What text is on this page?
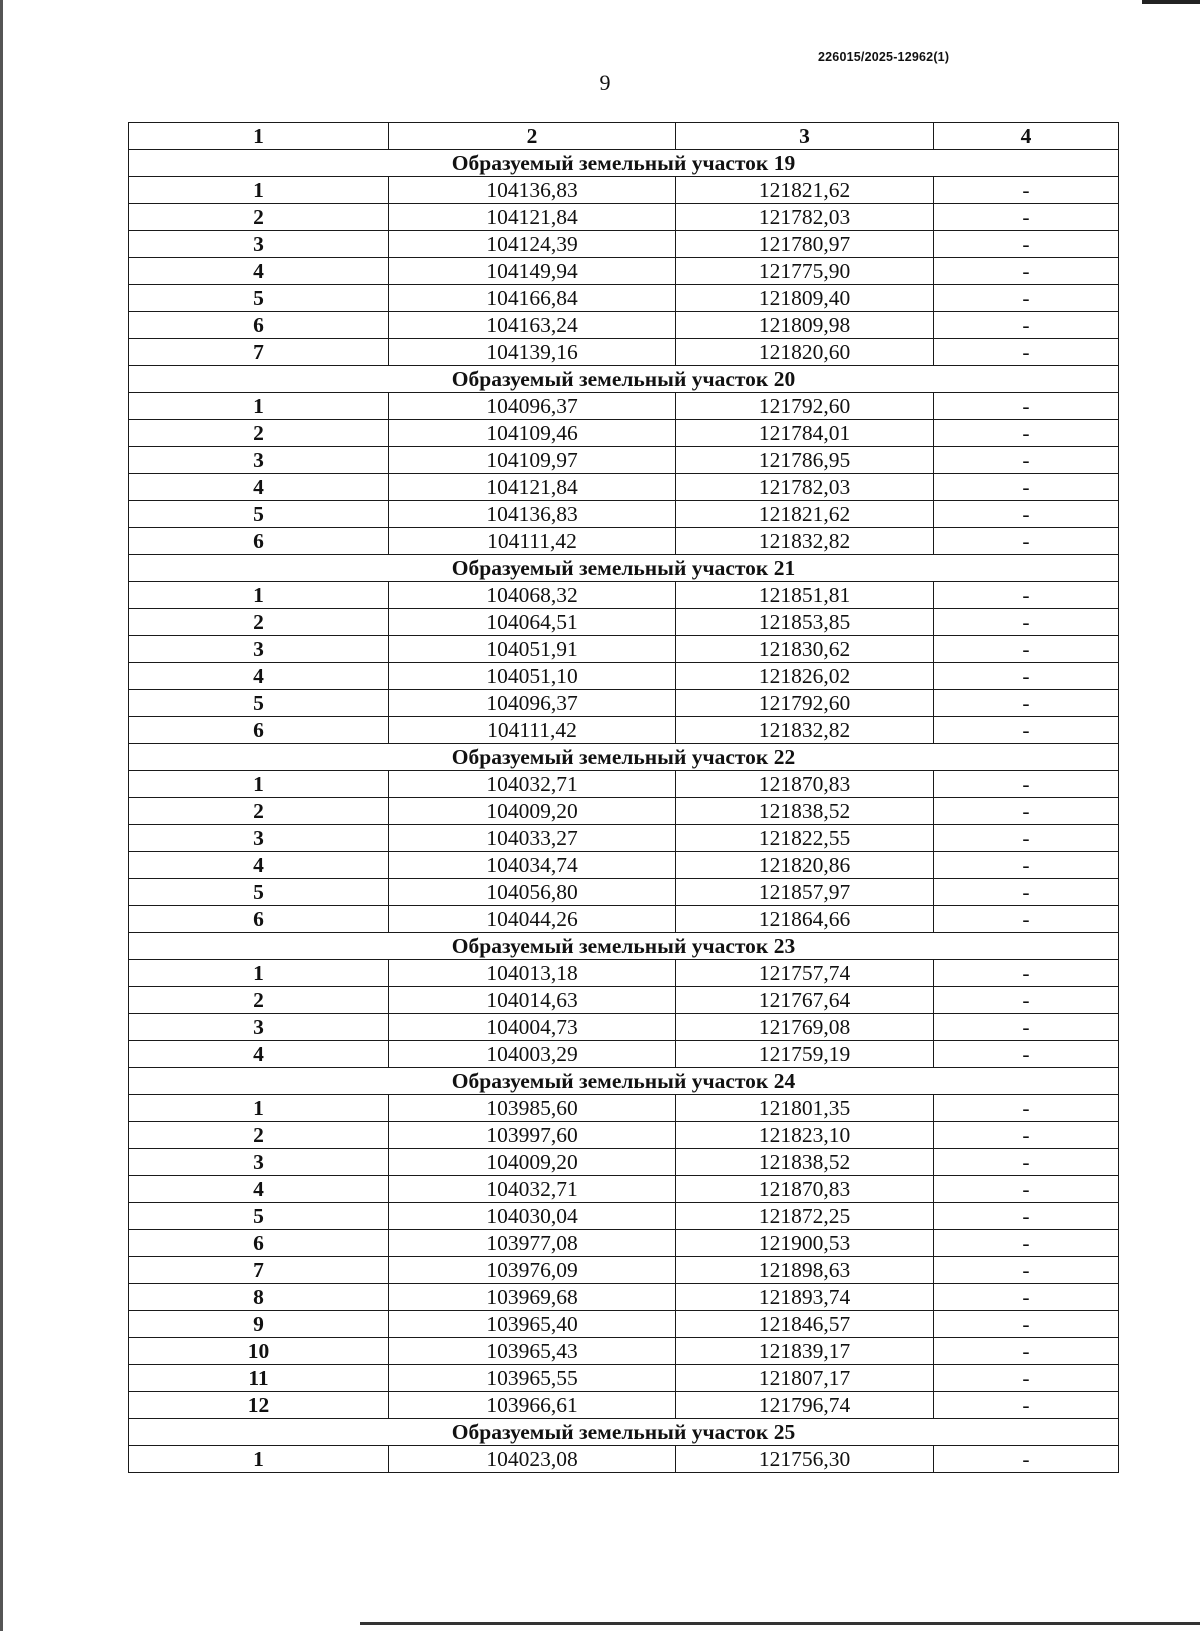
226015/2025-12962(1)
9
1	2	3	4
Образуемый земельный участок 19			
1	104136,83	121821,62	-
2	104121,84	121782,03	-
3	104124,39	121780,97	-
4	104149,94	121775,90	-
5	104166,84	121809,40	-
6	104163,24	121809,98	-
7	104139,16	121820,60	-
Образуемый земельный участок 20			
1	104096,37	121792,60	-
2	104109,46	121784,01	-
3	104109,97	121786,95	-
4	104121,84	121782,03	-
5	104136,83	121821,62	-
6	104111,42	121832,82	-
Образуемый земельный участок 21			
1	104068,32	121851,81	-
2	104064,51	121853,85	-
3	104051,91	121830,62	-
4	104051,10	121826,02	-
5	104096,37	121792,60	-
6	104111,42	121832,82	-
Образуемый земельный участок 22			
1	104032,71	121870,83	-
2	104009,20	121838,52	-
3	104033,27	121822,55	-
4	104034,74	121820,86	-
5	104056,80	121857,97	-
6	104044,26	121864,66	-
Образуемый земельный участок 23			
1	104013,18	121757,74	-
2	104014,63	121767,64	-
3	104004,73	121769,08	-
4	104003,29	121759,19	-
Образуемый земельный участок 24			
1	103985,60	121801,35	-
2	103997,60	121823,10	-
3	104009,20	121838,52	-
4	104032,71	121870,83	-
5	104030,04	121872,25	-
6	103977,08	121900,53	-
7	103976,09	121898,63	-
8	103969,68	121893,74	-
9	103965,40	121846,57	-
10	103965,43	121839,17	-
11	103965,55	121807,17	-
12	103966,61	121796,74	-
Образуемый земельный участок 25			
1	104023,08	121756,30	-
